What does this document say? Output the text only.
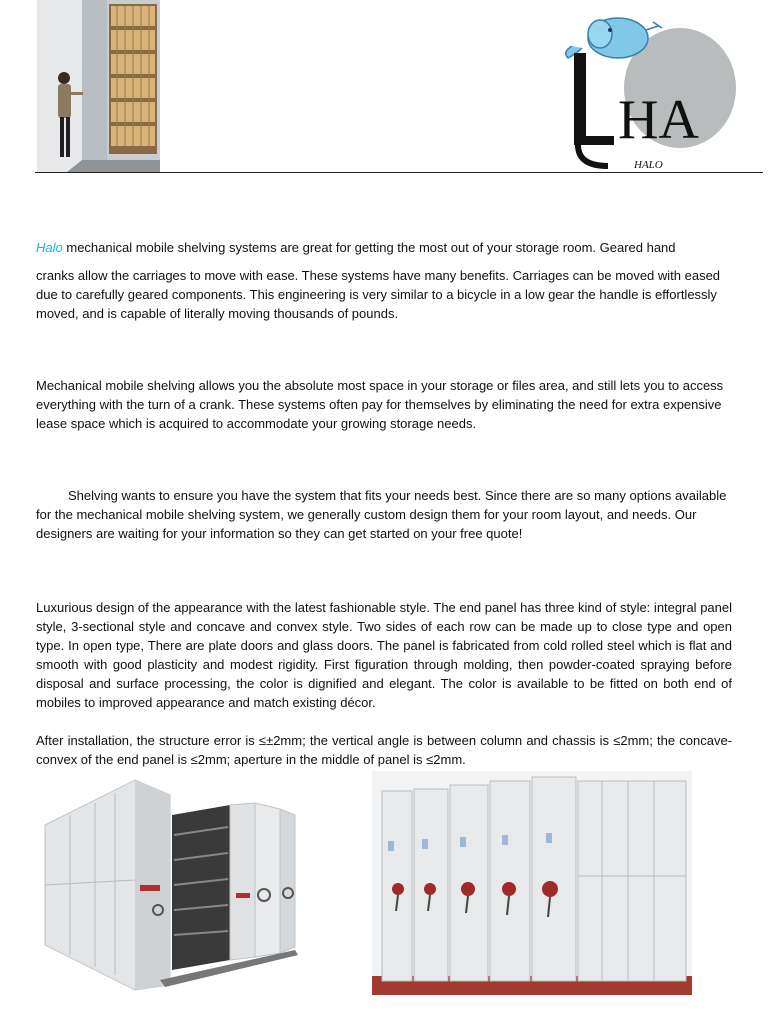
HA
HALO

Halo mechanical mobile shelving systems are great for getting the most out of your storage room. Geared hand

cranks allow the carriages to move with ease. These systems have many benefits. Carriages can be moved with eased due to carefully geared components. This engineering is very similar to a bicycle in a low gear the handle is effortlessly moved, and is capable of literally moving thousands of pounds.

Mechanical mobile shelving allows you the absolute most space in your storage or files area, and still lets you to access everything with the turn of a crank. These systems often pay for themselves by eliminating the need for extra expensive lease space which is acquired to accommodate your growing storage needs.

Shelving wants to ensure you have the system that fits your needs best. Since there are so many options available for the mechanical mobile shelving system, we generally custom design them for your room layout, and needs. Our designers are waiting for your information so they can get started on your free quote!

Luxurious design of the appearance with the latest fashionable style. The end panel has three kind of style: integral panel style, 3-sectional style and concave and convex style. Two sides of each row can be made up to close type and open type. In open type, There are plate doors and glass doors. The panel is fabricated from cold rolled steel which is flat and smooth with good plasticity and modest rigidity. First figuration through molding, then powder-coated spraying before disposal and surface processing, the color is dignified and elegant. The color is available to be fitted on both end of mobiles to improved appearance and match existing décor.

After installation, the structure error is ≤±2mm; the vertical angle is between column and chassis is ≤2mm; the concave- convex of the end panel is ≤2mm; aperture in the middle of panel is ≤2mm.
